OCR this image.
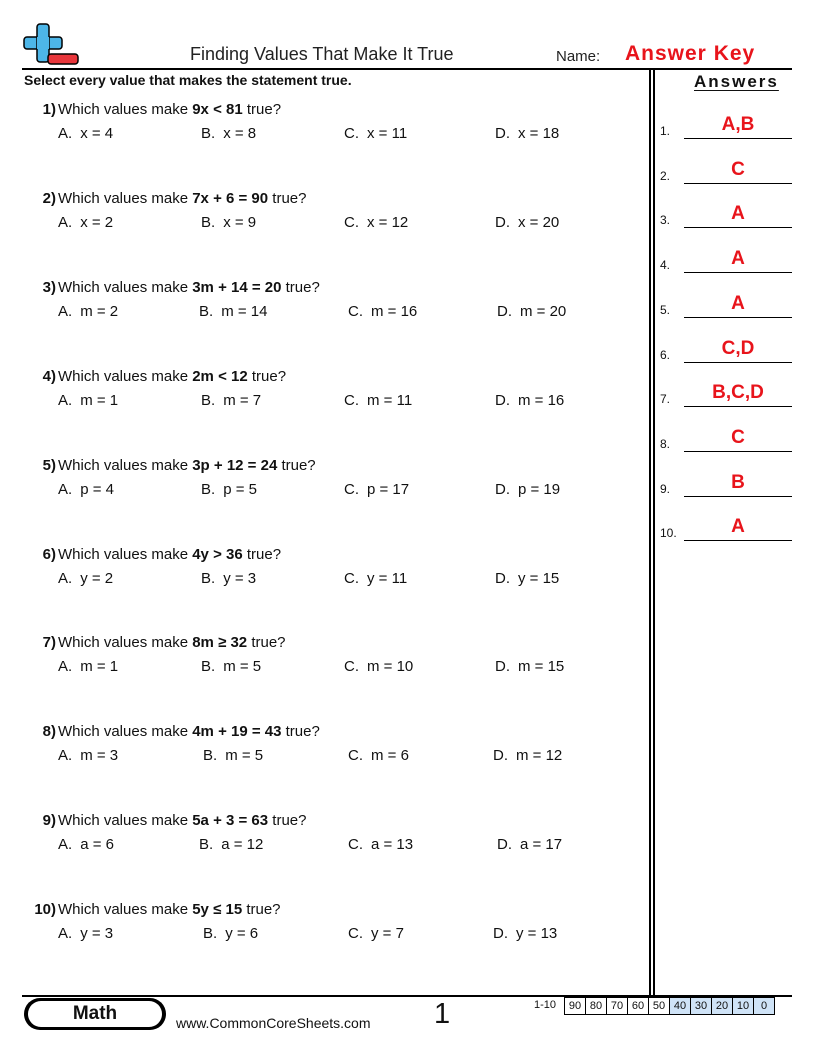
Finding Values That Make It True	Name: Answer Key
Select every value that makes the statement true.	Answers
1) Which values make 9x < 81 true?
A. x = 4	B. x = 8	C. x = 11	D. x = 18
2) Which values make 7x + 6 = 90 true?
A. x = 2	B. x = 9	C. x = 12	D. x = 20
3) Which values make 3m + 14 = 20 true?
A. m = 2	B. m = 14	C. m = 16	D. m = 20
4) Which values make 2m < 12 true?
A. m = 1	B. m = 7	C. m = 11	D. m = 16
5) Which values make 3p + 12 = 24 true?
A. p = 4	B. p = 5	C. p = 17	D. p = 19
6) Which values make 4y > 36 true?
A. y = 2	B. y = 3	C. y = 11	D. y = 15
7) Which values make 8m ≥ 32 true?
A. m = 1	B. m = 5	C. m = 10	D. m = 15
8) Which values make 4m + 19 = 43 true?
A. m = 3	B. m = 5	C. m = 6	D. m = 12
9) Which values make 5a + 3 = 63 true?
A. a = 6	B. a = 12	C. a = 13	D. a = 17
10) Which values make 5y ≤ 15 true?
A. y = 3	B. y = 6	C. y = 7	D. y = 13
1.	A,B
2.	C
3.	A
4.	A
5.	A
6.	C,D
7.	B,C,D
8.	C
9.	B
10.	A
Math	www.CommonCoreSheets.com 1	1-10 90	80	70	60	50	40	30	20	10	0
